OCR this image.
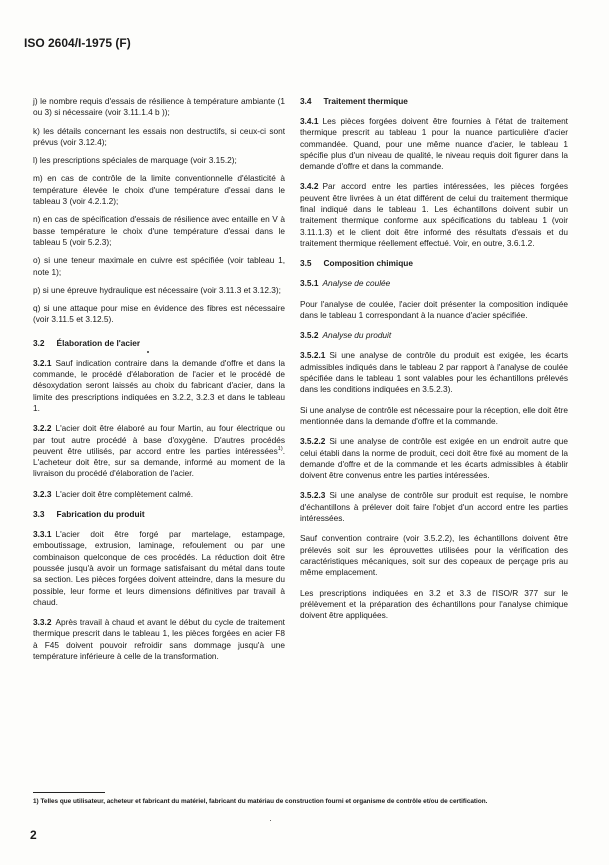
ISO 2604/I-1975 (F)

j) le nombre requis d'essais de résilience à température ambiante (1 ou 3) si nécessaire (voir 3.11.1.4 b ));

k) les détails concernant les essais non destructifs, si ceux-ci sont prévus (voir 3.12.4);

l) les prescriptions spéciales de marquage (voir 3.15.2);

m) en cas de contrôle de la limite conventionnelle d'élasticité à température élevée le choix d'une température d'essai dans le tableau 3 (voir 4.2.1.2);

n) en cas de spécification d'essais de résilience avec entaille en V à basse température le choix d'une température d'essai dans le tableau 5 (voir 5.2.3);

o) si une teneur maximale en cuivre est spécifiée (voir tableau 1, note 1);

p) si une épreuve hydraulique est nécessaire (voir 3.11.3 et 3.12.3);

q) si une attaque pour mise en évidence des fibres est nécessaire (voir 3.11.5 et 3.12.5).

3.2 Élaboration de l'acier

3.2.1 Sauf indication contraire dans la demande d'offre et dans la commande, le procédé d'élaboration de l'acier et le procédé de désoxydation seront laissés au choix du fabricant d'acier, dans la limite des prescriptions indiquées en 3.2.2, 3.2.3 et dans le tableau 1.

3.2.2 L'acier doit être élaboré au four Martin, au four électrique ou par tout autre procédé à base d'oxygène. D'autres procédés peuvent être utilisés, par accord entre les parties intéressées$^{1)}$. L'acheteur doit être, sur sa demande, informé au moment de la livraison du procédé d'élaboration de l'acier.

3.2.3 L'acier doit être complètement calmé.

3.3 Fabrication du produit

3.3.1 L'acier doit être forgé par martelage, estampage, emboutissage, extrusion, laminage, refoulement ou par une combinaison quelconque de ces procédés. La réduction doit être poussée jusqu'à avoir un formage satisfaisant du métal dans toute sa section. Les pièces forgées doivent atteindre, dans la mesure du possible, leur forme et leurs dimensions définitives par travail à chaud.

3.3.2 Après travail à chaud et avant le début du cycle de traitement thermique prescrit dans le tableau 1, les pièces forgées en acier F8 à F45 doivent pouvoir refroidir sans dommage jusqu'à une température inférieure à celle de la transformation.

3.4 Traitement thermique

3.4.1 Les pièces forgées doivent être fournies à l'état de traitement thermique prescrit au tableau 1 pour la nuance particulière d'acier commandée. Quand, pour une même nuance d'acier, le tableau 1 spécifie plus d'un niveau de qualité, le niveau requis doit figurer dans la demande d'offre et dans la commande.

3.4.2 Par accord entre les parties intéressées, les pièces forgées peuvent être livrées à un état différent de celui du traitement thermique final indiqué dans le tableau 1. Les échantillons doivent subir un traitement thermique conforme aux spécifications du tableau 1 (voir 3.11.1.3) et le client doit être informé des résultats d'essais et du traitement thermique réellement effectué. Voir, en outre, 3.6.1.2.

3.5 Composition chimique

3.5.1 Analyse de coulée

Pour l'analyse de coulée, l'acier doit présenter la composition indiquée dans le tableau 1 correspondant à la nuance d'acier spécifiée.

3.5.2 Analyse du produit

3.5.2.1 Si une analyse de contrôle du produit est exigée, les écarts admissibles indiqués dans le tableau 2 par rapport à l'analyse de coulée spécifiée dans le tableau 1 sont valables pour les échantillons prélevés dans les conditions indiquées en 3.5.2.3).

Si une analyse de contrôle est nécessaire pour la réception, elle doit être mentionnée dans la demande d'offre et la commande.

3.5.2.2 Si une analyse de contrôle est exigée en un endroit autre que celui établi dans la norme de produit, ceci doit être fixé au moment de la demande d'offre et de la commande et les écarts admissibles à établir doivent être convenus entre les parties intéressées.

3.5.2.3 Si une analyse de contrôle sur produit est requise, le nombre d'échantillons à prélever doit faire l'objet d'un accord entre les parties intéressées.

Sauf convention contraire (voir 3.5.2.2), les échantillons doivent être prélevés soit sur les éprouvettes utilisées pour la vérification des caractéristiques mécaniques, soit sur des copeaux de perçage pris au même emplacement.

Les prescriptions indiquées en 3.2 et 3.3 de l'ISO/R 377 sur le prélèvement et la préparation des échantillons pour l'analyse chimique doivent être appliquées.

1) Telles que utilisateur, acheteur et fabricant du matériel, fabricant du matériau de construction fourni et organisme de contrôle et/ou de certification.
2
